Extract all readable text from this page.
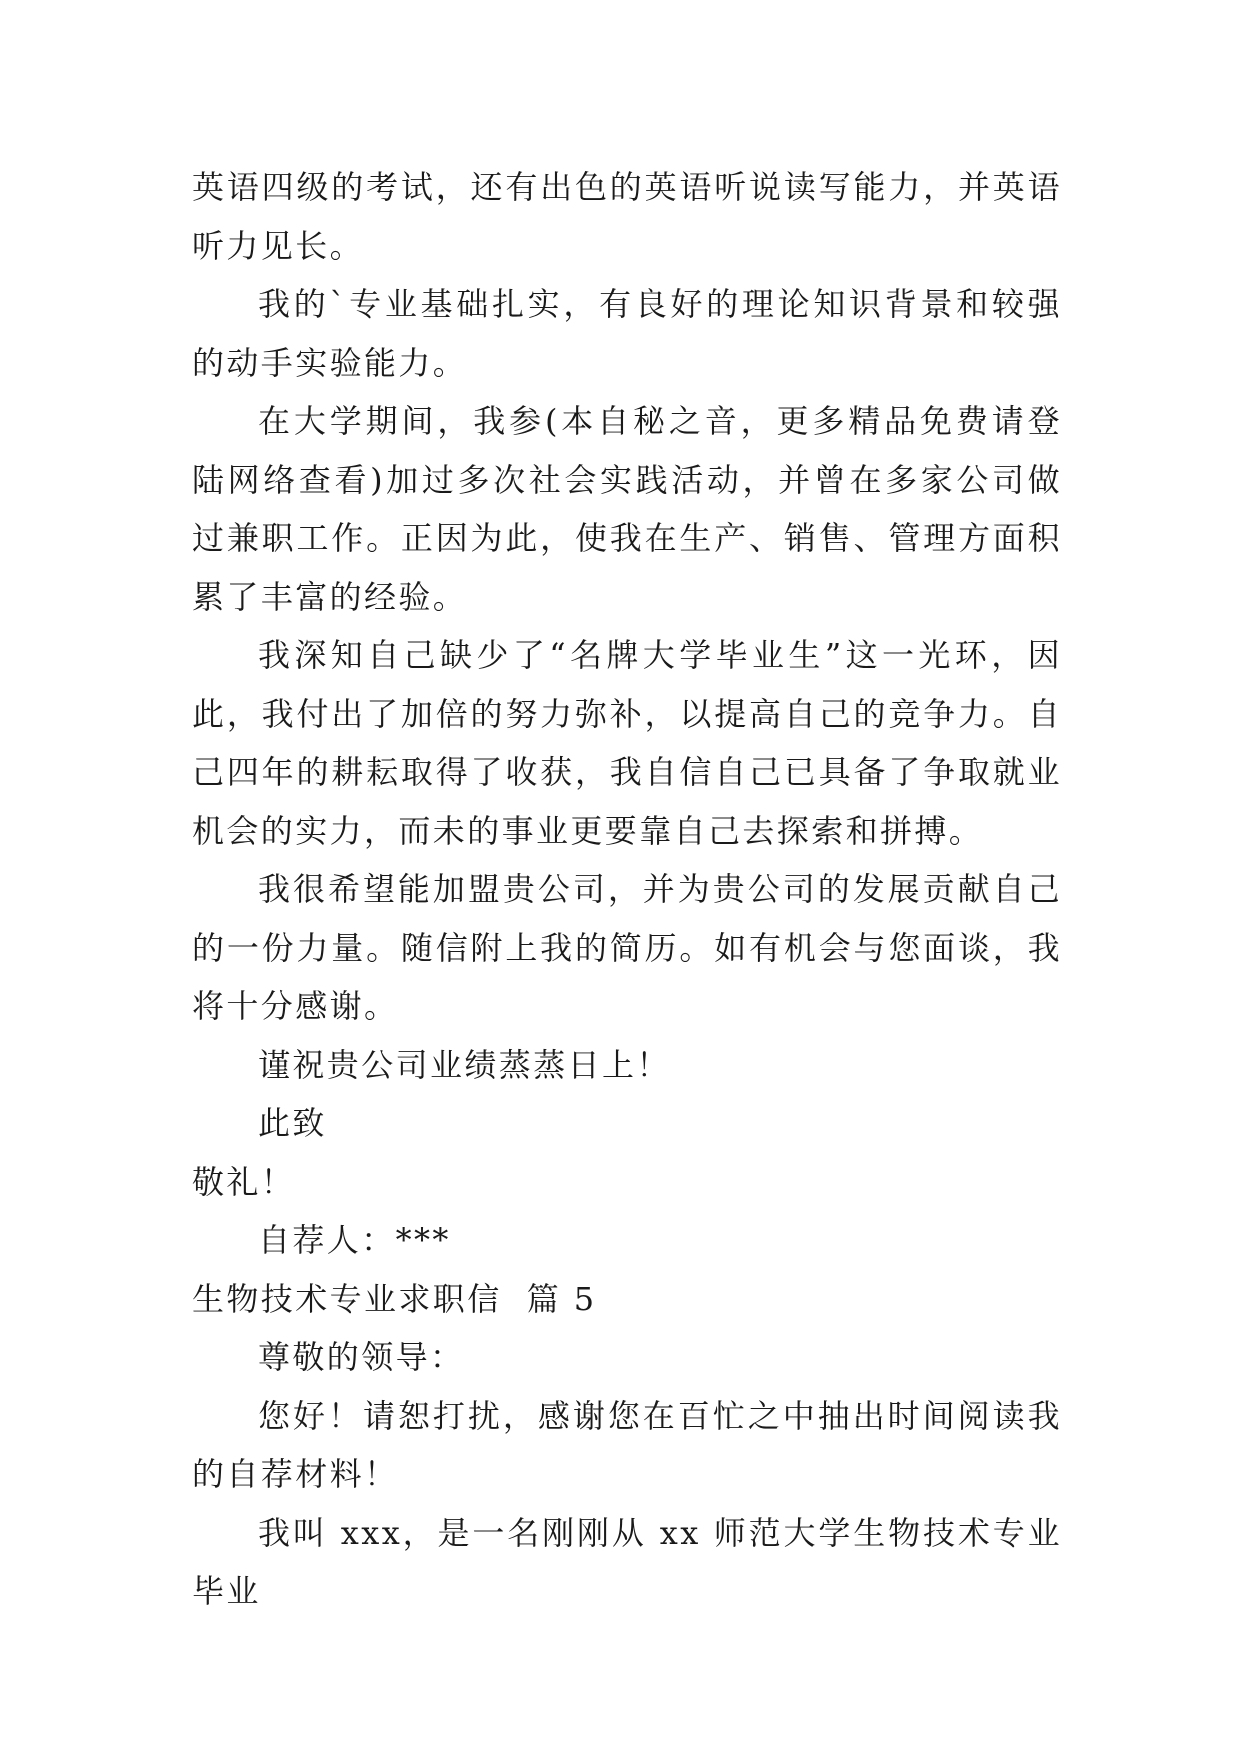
英语四级的考试，还有出色的英语听说读写能力，并英语听力见长。

我的`专业基础扎实，有良好的理论知识背景和较强的动手实验能力。

在大学期间，我参(本自秘之音，更多精品免费请登陆网络查看)加过多次社会实践活动，并曾在多家公司做过兼职工作。正因为此，使我在生产、销售、管理方面积累了丰富的经验。

我深知自己缺少了“名牌大学毕业生”这一光环，因此，我付出了加倍的努力弥补，以提高自己的竞争力。自己四年的耕耘取得了收获，我自信自己已具备了争取就业机会的实力，而未的事业更要靠自己去探索和拼搏。

我很希望能加盟贵公司，并为贵公司的发展贡献自己的一份力量。随信附上我的简历。如有机会与您面谈，我将十分感谢。

谨祝贵公司业绩蒸蒸日上！

此致

敬礼！

自荐人：***

生物技术专业求职信  篇 5

尊敬的领导：

您好！请恕打扰，感谢您在百忙之中抽出时间阅读我的自荐材料！

我叫 xxx，是一名刚刚从 xx 师范大学生物技术专业毕业
